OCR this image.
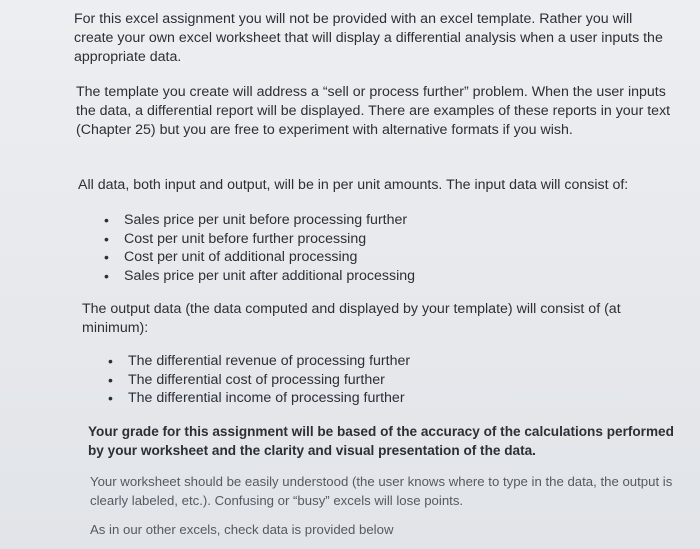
For this excel assignment you will not be provided with an excel template. Rather you will create your own excel worksheet that will display a differential analysis when a user inputs the appropriate data.
The template you create will address a “sell or process further” problem. When the user inputs the data, a differential report will be displayed. There are examples of these reports in your text (Chapter 25) but you are free to experiment with alternative formats if you wish.
All data, both input and output, will be in per unit amounts. The input data will consist of:
• Sales price per unit before processing further
• Cost per unit before further processing
• Cost per unit of additional processing
• Sales price per unit after additional processing
The output data (the data computed and displayed by your template) will consist of (at minimum):
• The differential revenue of processing further
• The differential cost of processing further
• The differential income of processing further
Your grade for this assignment will be based of the accuracy of the calculations performed by your worksheet and the clarity and visual presentation of the data.
Your worksheet should be easily understood (the user knows where to type in the data, the output is clearly labeled, etc.). Confusing or “busy” excels will lose points.
As in our other excels, check data is provided below
